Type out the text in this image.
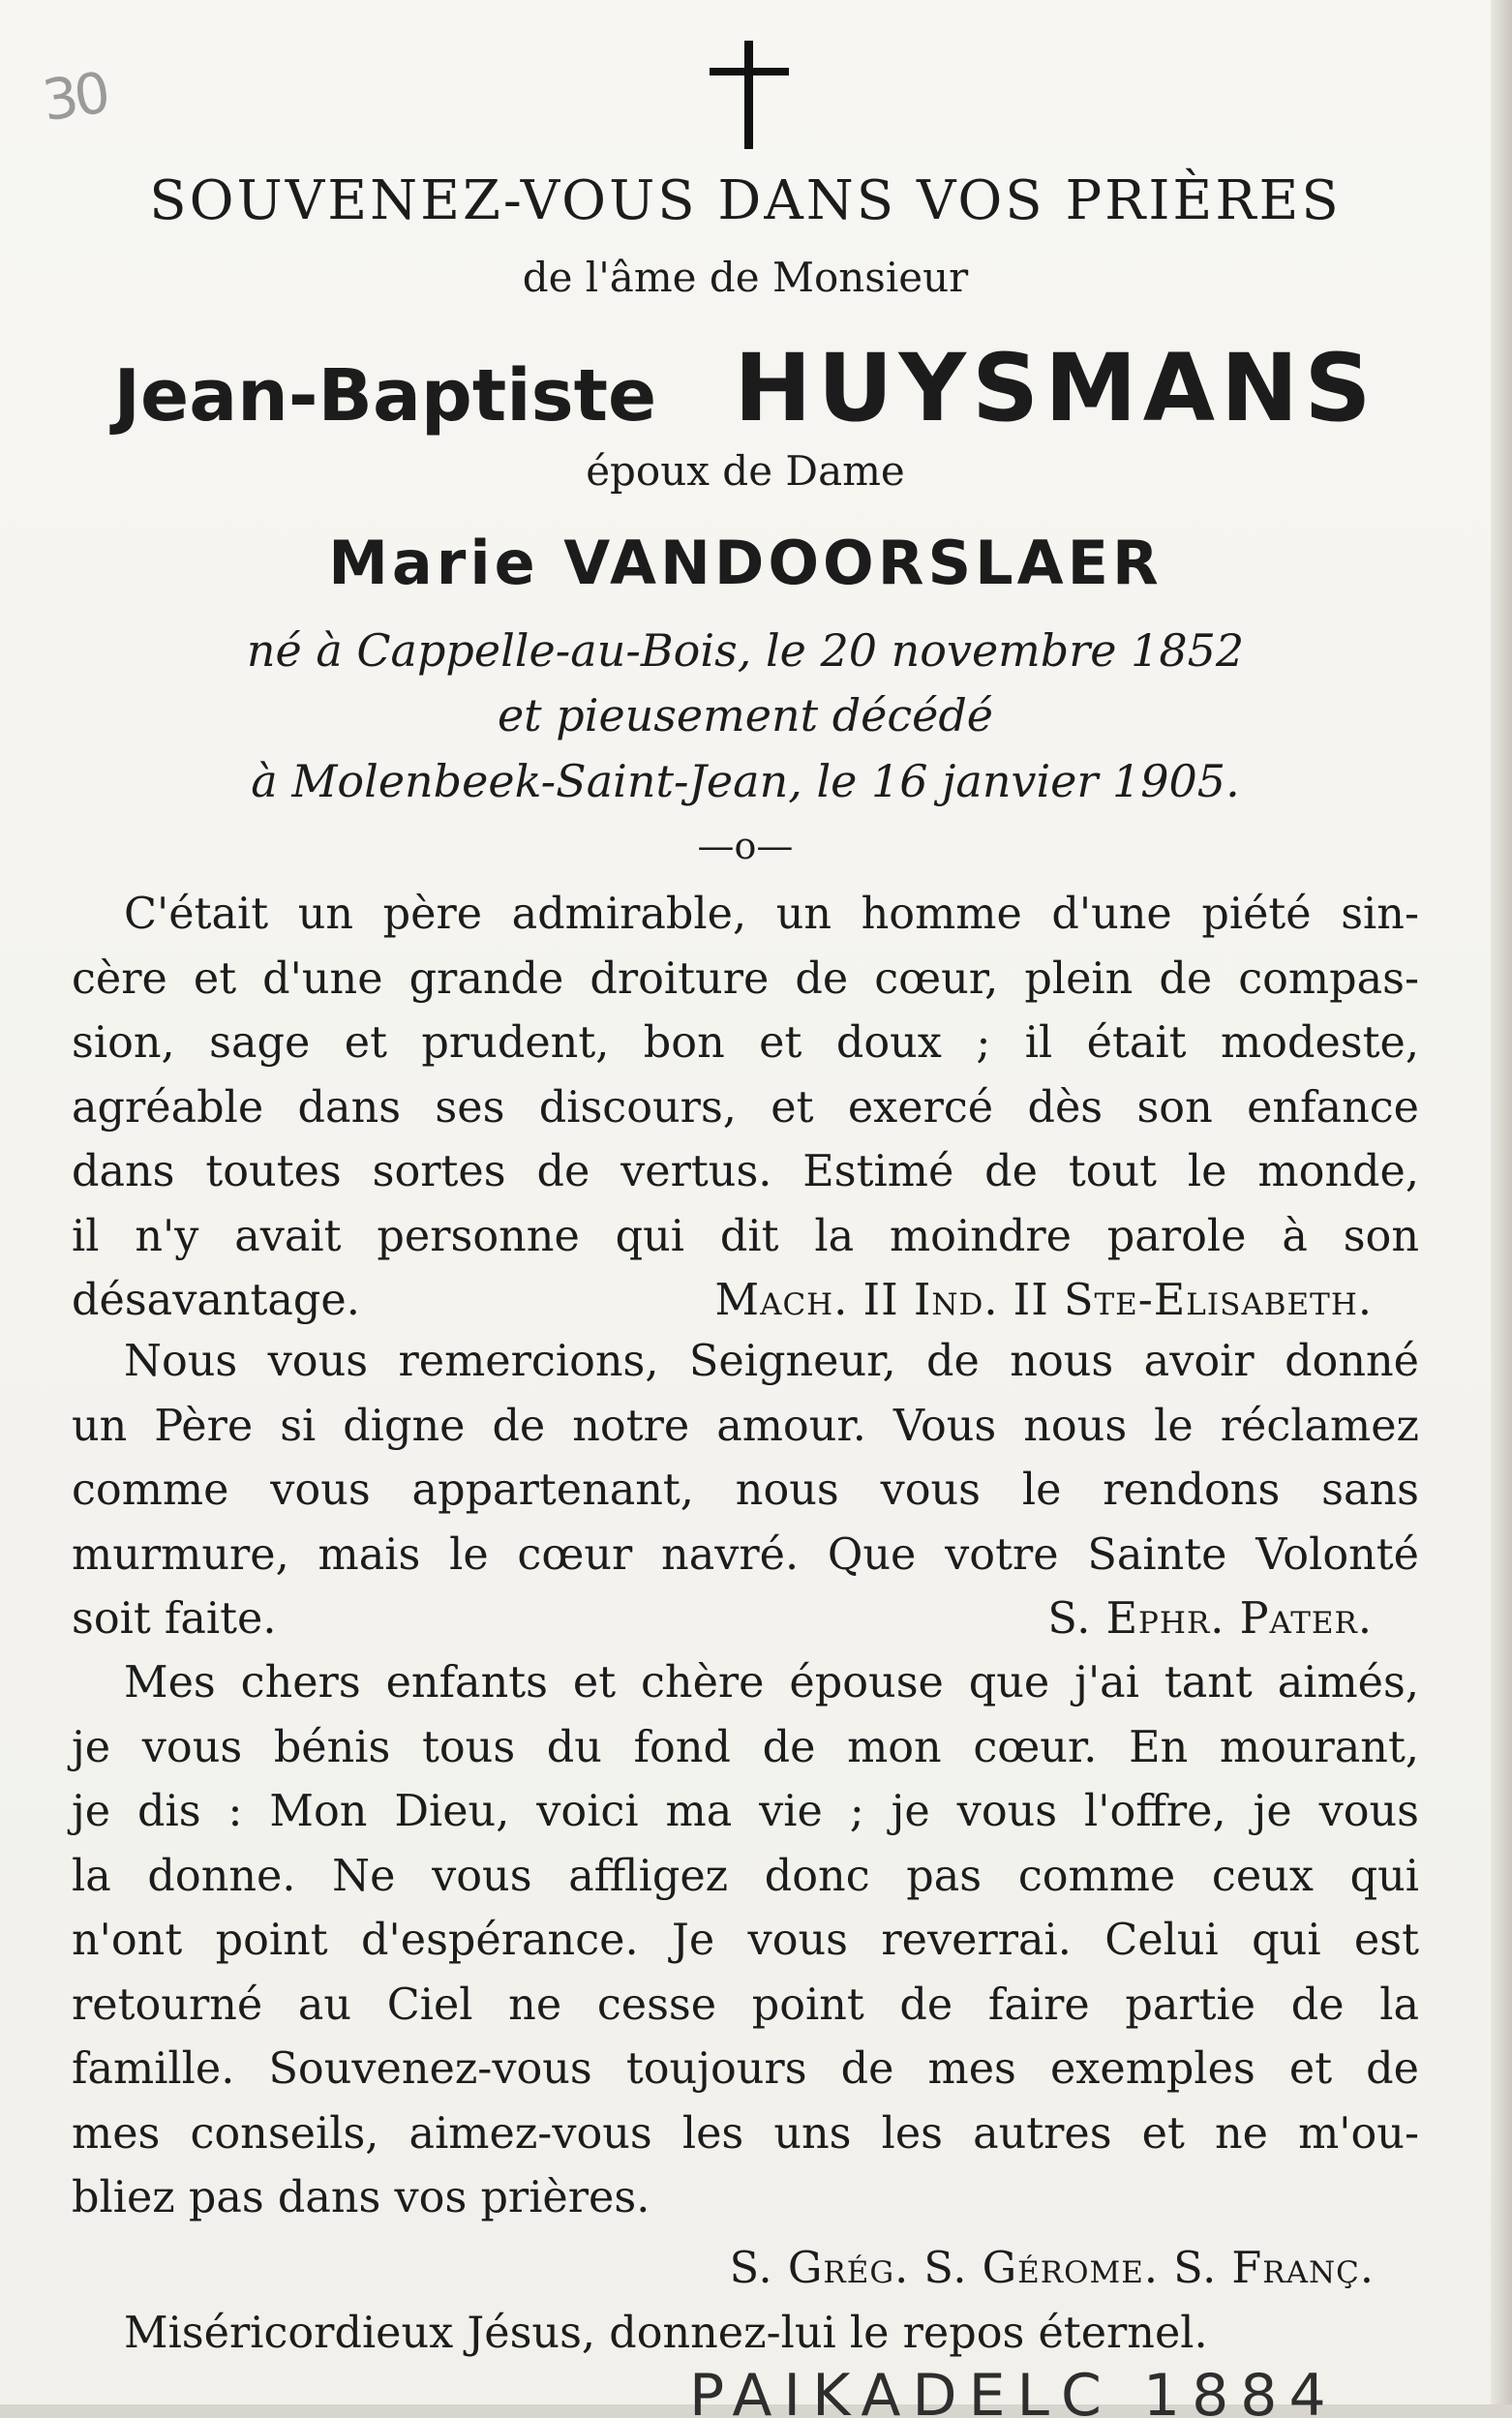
30
SOUVENEZ-VOUS DANS VOS PRIÈRES
de l'âme de Monsieur
Jean-Baptiste HUYSMANS
époux de Dame
Marie VANDOORSLAER
né à Cappelle-au-Bois, le 20 novembre 1852
et pieusement décédé
à Molenbeek-Saint-Jean, le 16 janvier 1905.
—o—
C'était un père admirable, un homme d'une piété sin-
cère et d'une grande droiture de cœur, plein de compas-
sion, sage et prudent, bon et doux ; il était modeste,
agréable dans ses discours, et exercé dès son enfance
dans toutes sortes de vertus. Estimé de tout le monde,
il n'y avait personne qui dit la moindre parole à son
désavantage.	Mach. II Ind. II Ste-Elisabeth.
Nous vous remercions, Seigneur, de nous avoir donné
un Père si digne de notre amour. Vous nous le réclamez
comme vous appartenant, nous vous le rendons sans
murmure, mais le cœur navré. Que votre Sainte Volonté
soit faite.	S. Ephr. Pater.
Mes chers enfants et chère épouse que j'ai tant aimés,
je vous bénis tous du fond de mon cœur. En mourant,
je dis : Mon Dieu, voici ma vie ; je vous l'offre, je vous
la donne. Ne vous affligez donc pas comme ceux qui
n'ont point d'espérance. Je vous reverrai. Celui qui est
retourné au Ciel ne cesse point de faire partie de la
famille. Souvenez-vous toujours de mes exemples et de
mes conseils, aimez-vous les uns les autres et ne m'ou-
bliez pas dans vos prières.
S. Grég. S. Gérome. S. Franç.
Miséricordieux Jésus, donnez-lui le repos éternel.
PAIKADELC 1884
